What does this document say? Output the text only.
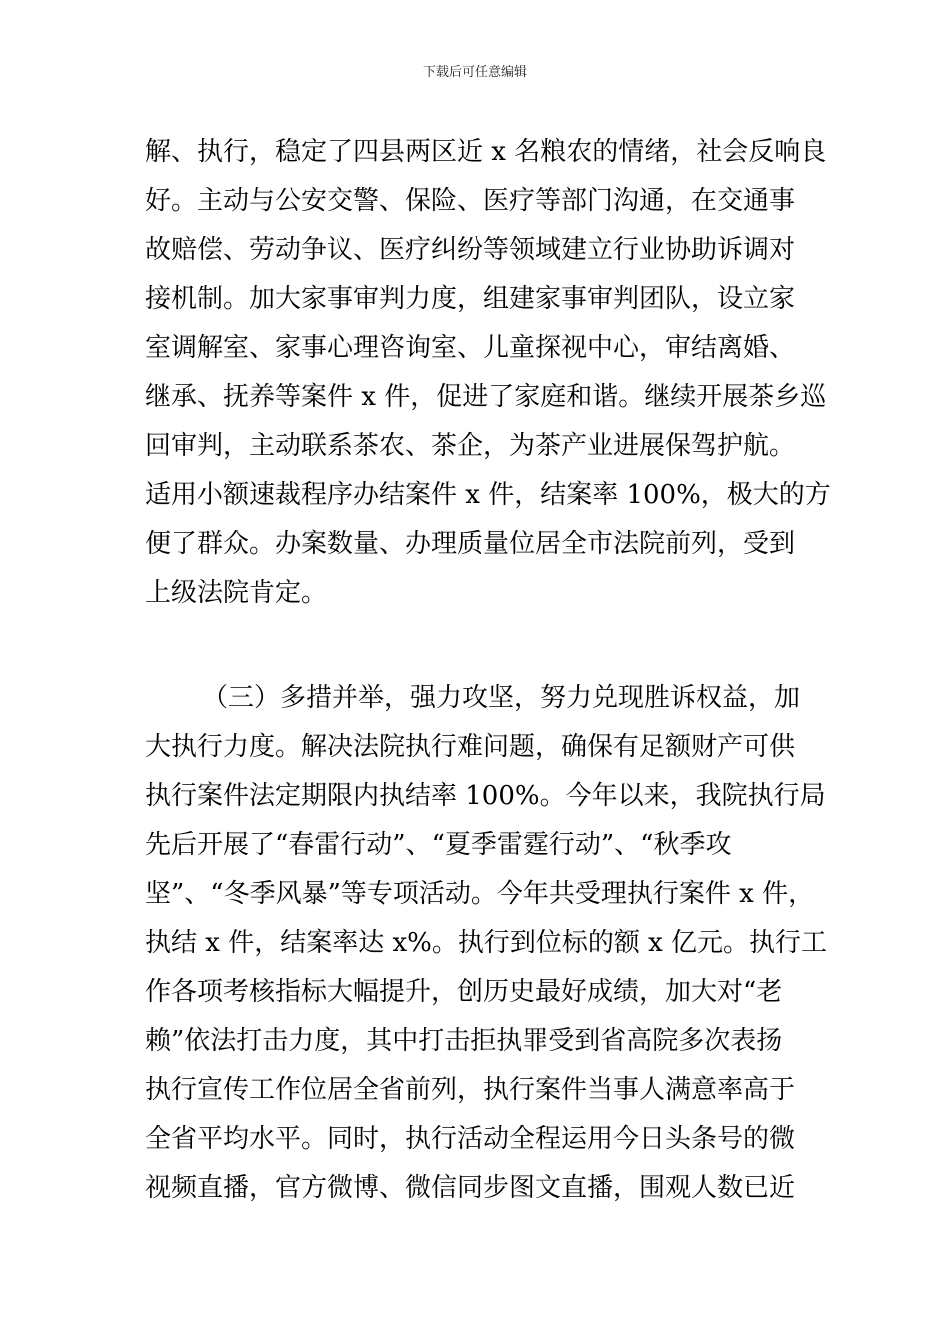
下载后可任意编辑
解、执行，稳定了四县两区近 x 名粮农的情绪，社会反响良
好。主动与公安交警、保险、医疗等部门沟通，在交通事
故赔偿、劳动争议、医疗纠纷等领域建立行业协助诉调对
接机制。加大家事审判力度，组建家事审判团队，设立家
室调解室、家事心理咨询室、儿童探视中心，审结离婚、
继承、抚养等案件 x 件，促进了家庭和谐。继续开展茶乡巡
回审判，主动联系茶农、茶企，为茶产业进展保驾护航。
适用小额速裁程序办结案件 x 件，结案率 100%，极大的方
便了群众。办案数量、办理质量位居全市法院前列，受到
上级法院肯定。
（三）多措并举，强力攻坚，努力兑现胜诉权益，加
大执行力度。解决法院执行难问题，确保有足额财产可供
执行案件法定期限内执结率 100%。今年以来，我院执行局
先后开展了“春雷行动”、“夏季雷霆行动”、“秋季攻
坚”、“冬季风暴”等专项活动。今年共受理执行案件 x 件，
执结 x 件，结案率达 x%。执行到位标的额 x 亿元。执行工
作各项考核指标大幅提升，创历史最好成绩，加大对“老
赖”依法打击力度，其中打击拒执罪受到省高院多次表扬
执行宣传工作位居全省前列，执行案件当事人满意率高于
全省平均水平。同时，执行活动全程运用今日头条号的微
视频直播，官方微博、微信同步图文直播，围观人数已近
